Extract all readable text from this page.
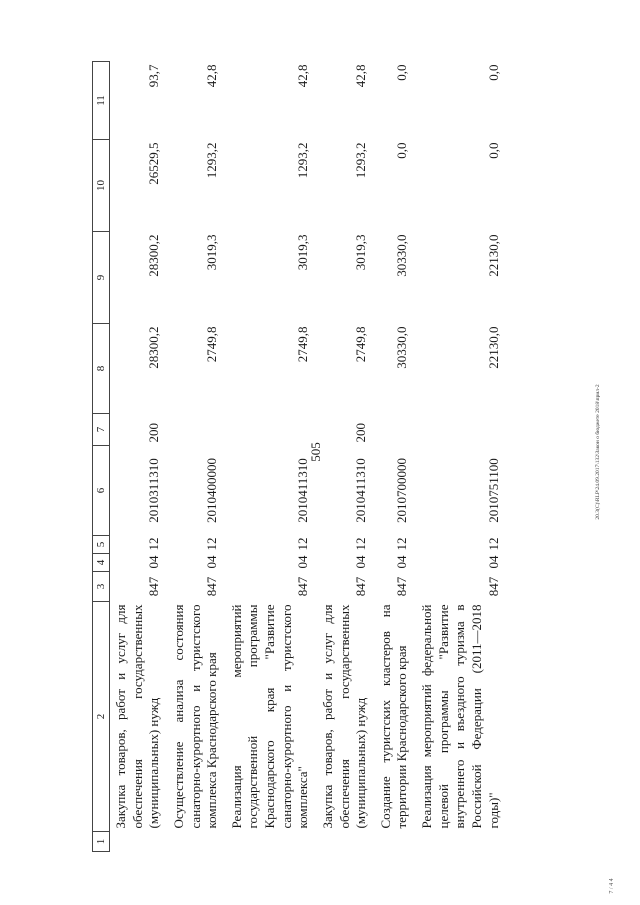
505
1	2	3	4	5	6	7	8	9	10	11
	Закупка товаров, работ и услуг для обеспечения государственных (муниципальных) нужд	847	04	12	2010311310	200	28300,2	28300,2	26529,5	93,7
	Осуществление анализа состояния санаторно-курортного и туристского комплекса Краснодарского края	847	04	12	2010400000		2749,8	3019,3	1293,2	42,8
	Реализация мероприятий государственной программы Краснодарского края "Развитие санаторно-курортного и туристского комплекса"	847	04	12	2010411310		2749,8	3019,3	1293,2	42,8
	Закупка товаров, работ и услуг для обеспечения государственных (муниципальных) нужд	847	04	12	2010411310	200	2749,8	3019,3	1293,2	42,8
	Создание туристских кластеров на территории Краснодарского края	847	04	12	2010700000		30330,0	30330,0	0,0	0,0
	Реализация мероприятий федеральной целевой программы "Развитие внутреннего и въездного туризма в Российской Федерации (2011—2018 годы)"	847	04	12	2010751100		22130,0	22130,0	0,0	0,0
20.3(C)\RLP\24.09.2017\132\Закон о бюджете 2018\прил-2
7 / 4 4
